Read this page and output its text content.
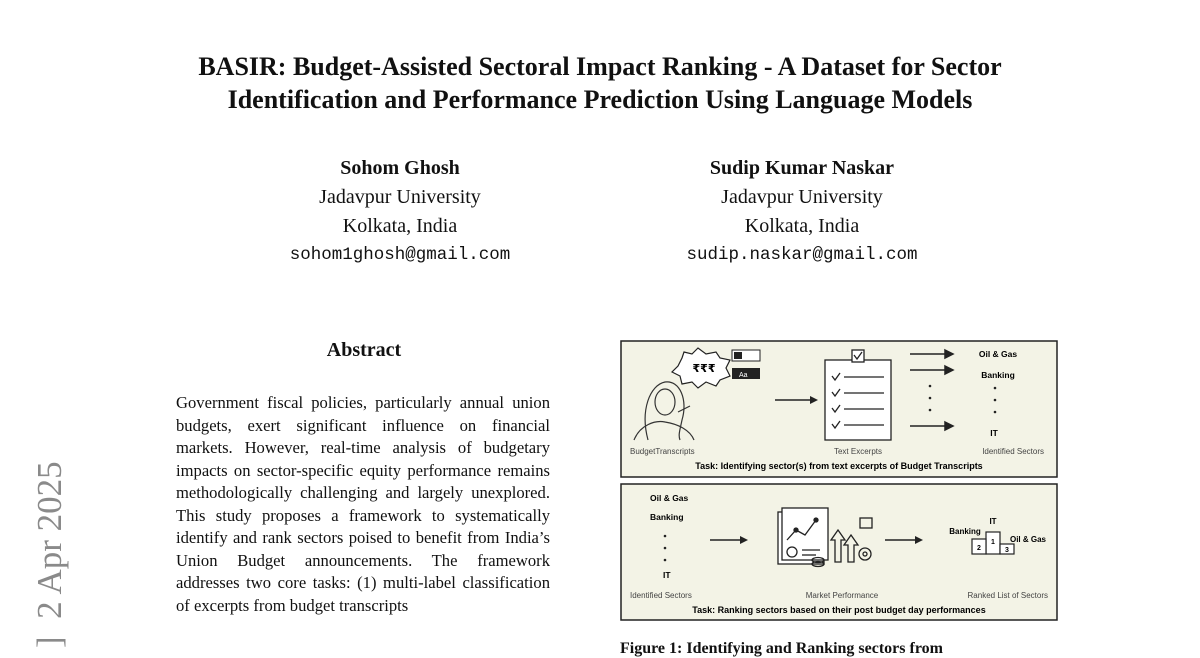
BASIR: Budget-Assisted Sectoral Impact Ranking - A Dataset for Sector
Identification and Performance Prediction Using Language Models
Sohom Ghosh
Jadavpur University
Kolkata, India
sohom1ghosh@gmail.com
Sudip Kumar Naskar
Jadavpur University
Kolkata, India
sudip.naskar@gmail.com
]  2 Apr 2025
Abstract

Government fiscal policies, particularly annual union budgets, exert significant influence on financial markets. However, real-time analysis of budgetary impacts on sector-specific equity performance remains methodologically challenging and largely unexplored. This study proposes a framework to systematically identify and rank sectors poised to benefit from India’s Union Budget announcements. The framework addresses two core tasks: (1) multi-label classification of excerpts from budget transcripts

₹₹₹
Aa
Oil & Gas
Banking
IT
BudgetTranscripts	Text Excerpts	Identified Sectors
Task: Identifying sector(s) from text excerpts of Budget Transcripts
Oil & Gas
Banking
IT
1
2	3
IT
Banking
Oil & Gas
Identified Sectors	Market Performance	Ranked List of Sectors
Task: Ranking sectors based on their post budget day performances

Figure 1: Identifying and Ranking sectors from
